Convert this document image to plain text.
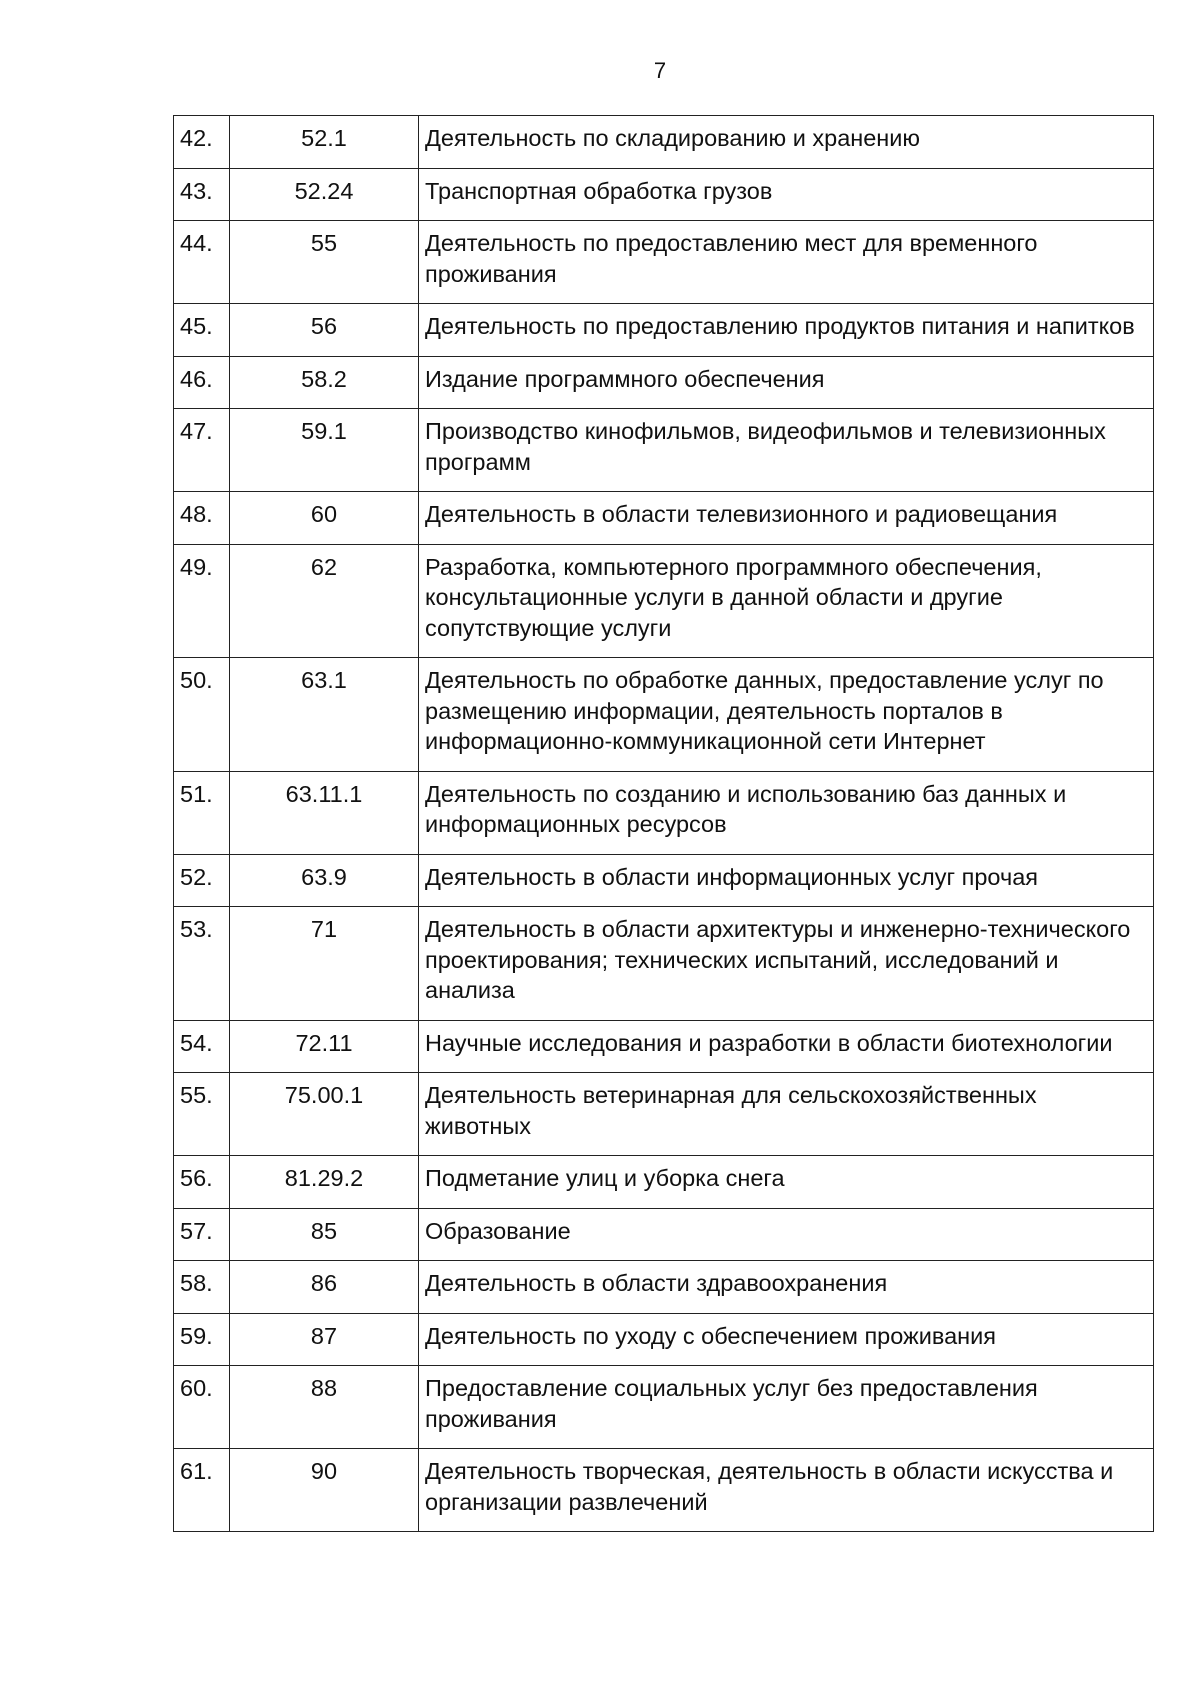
7
42.	52.1	Деятельность по складированию и хранению
43.	52.24	Транспортная обработка грузов
44.	55	Деятельность по предоставлению мест для временного проживания
45.	56	Деятельность по предоставлению продуктов питания и напитков
46.	58.2	Издание программного обеспечения
47.	59.1	Производство кинофильмов, видеофильмов и телевизионных программ
48.	60	Деятельность в области телевизионного и радиовещания
49.	62	Разработка, компьютерного программного обеспечения, консультационные услуги в данной области и другие сопутствующие услуги
50.	63.1	Деятельность по обработке данных, предоставление услуг по размещению информации, деятельность порталов в информационно-коммуникационной сети Интернет
51.	63.11.1	Деятельность по созданию и использованию баз данных и информационных ресурсов
52.	63.9	Деятельность в области информационных услуг прочая
53.	71	Деятельность в области архитектуры и инженерно-технического проектирования; технических испытаний, исследований и анализа
54.	72.11	Научные исследования и разработки в области биотехнологии
55.	75.00.1	Деятельность ветеринарная для сельскохозяйственных животных
56.	81.29.2	Подметание улиц и уборка снега
57.	85	Образование
58.	86	Деятельность в области здравоохранения
59.	87	Деятельность по уходу с обеспечением проживания
60.	88	Предоставление социальных услуг без предоставления проживания
61.	90	Деятельность творческая, деятельность в области искусства и организации развлечений
